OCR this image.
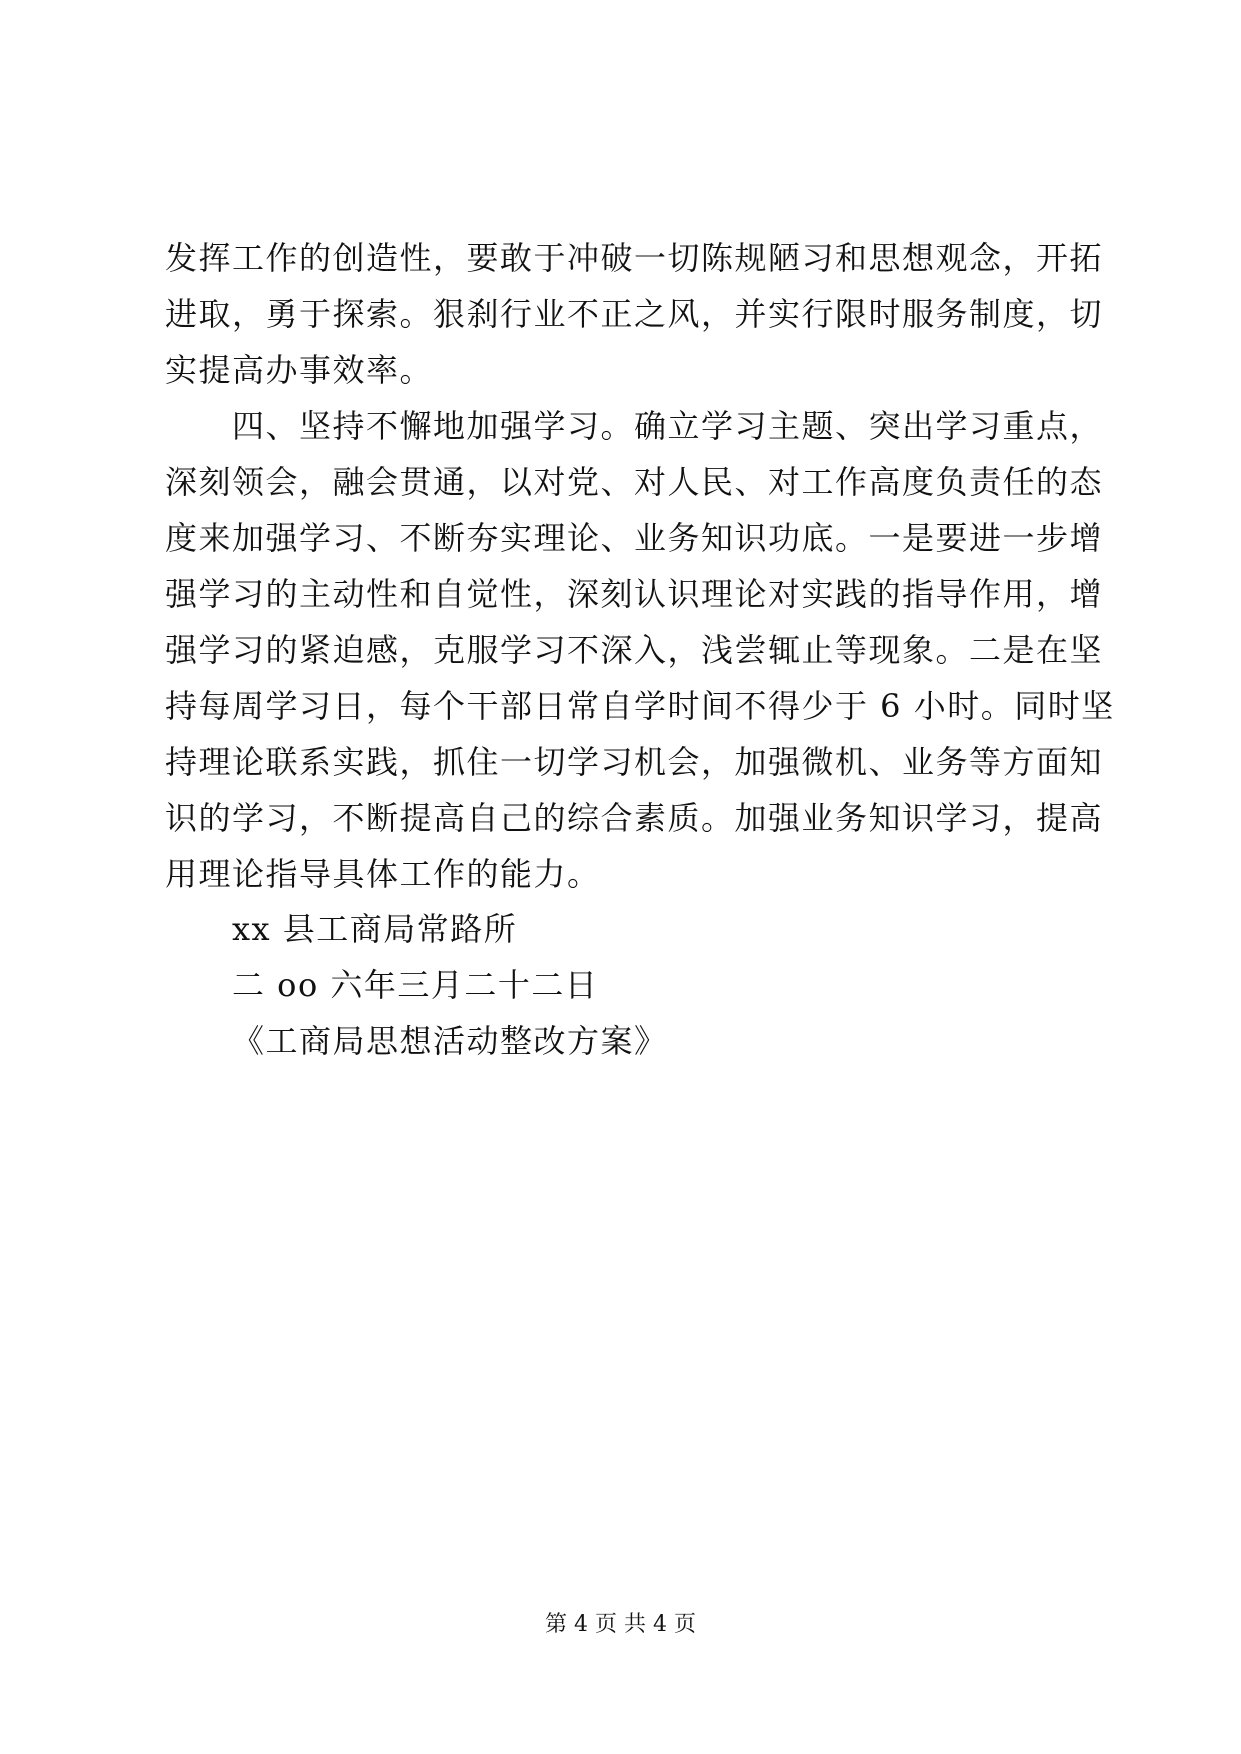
发挥工作的创造性，要敢于冲破一切陈规陋习和思想观念，开拓
进取，勇于探索。狠刹行业不正之风，并实行限时服务制度，切
实提高办事效率。
四、坚持不懈地加强学习。确立学习主题、突出学习重点，
深刻领会，融会贯通，以对党、对人民、对工作高度负责任的态
度来加强学习、不断夯实理论、业务知识功底。一是要进一步增
强学习的主动性和自觉性，深刻认识理论对实践的指导作用，增
强学习的紧迫感，克服学习不深入，浅尝辄止等现象。二是在坚
持每周学习日，每个干部日常自学时间不得少于 6 小时。同时坚
持理论联系实践，抓住一切学习机会，加强微机、业务等方面知
识的学习，不断提高自己的综合素质。加强业务知识学习，提高
用理论指导具体工作的能力。
xx 县工商局常路所
二 oo 六年三月二十二日
《工商局思想活动整改方案》
第 4 页 共 4 页
